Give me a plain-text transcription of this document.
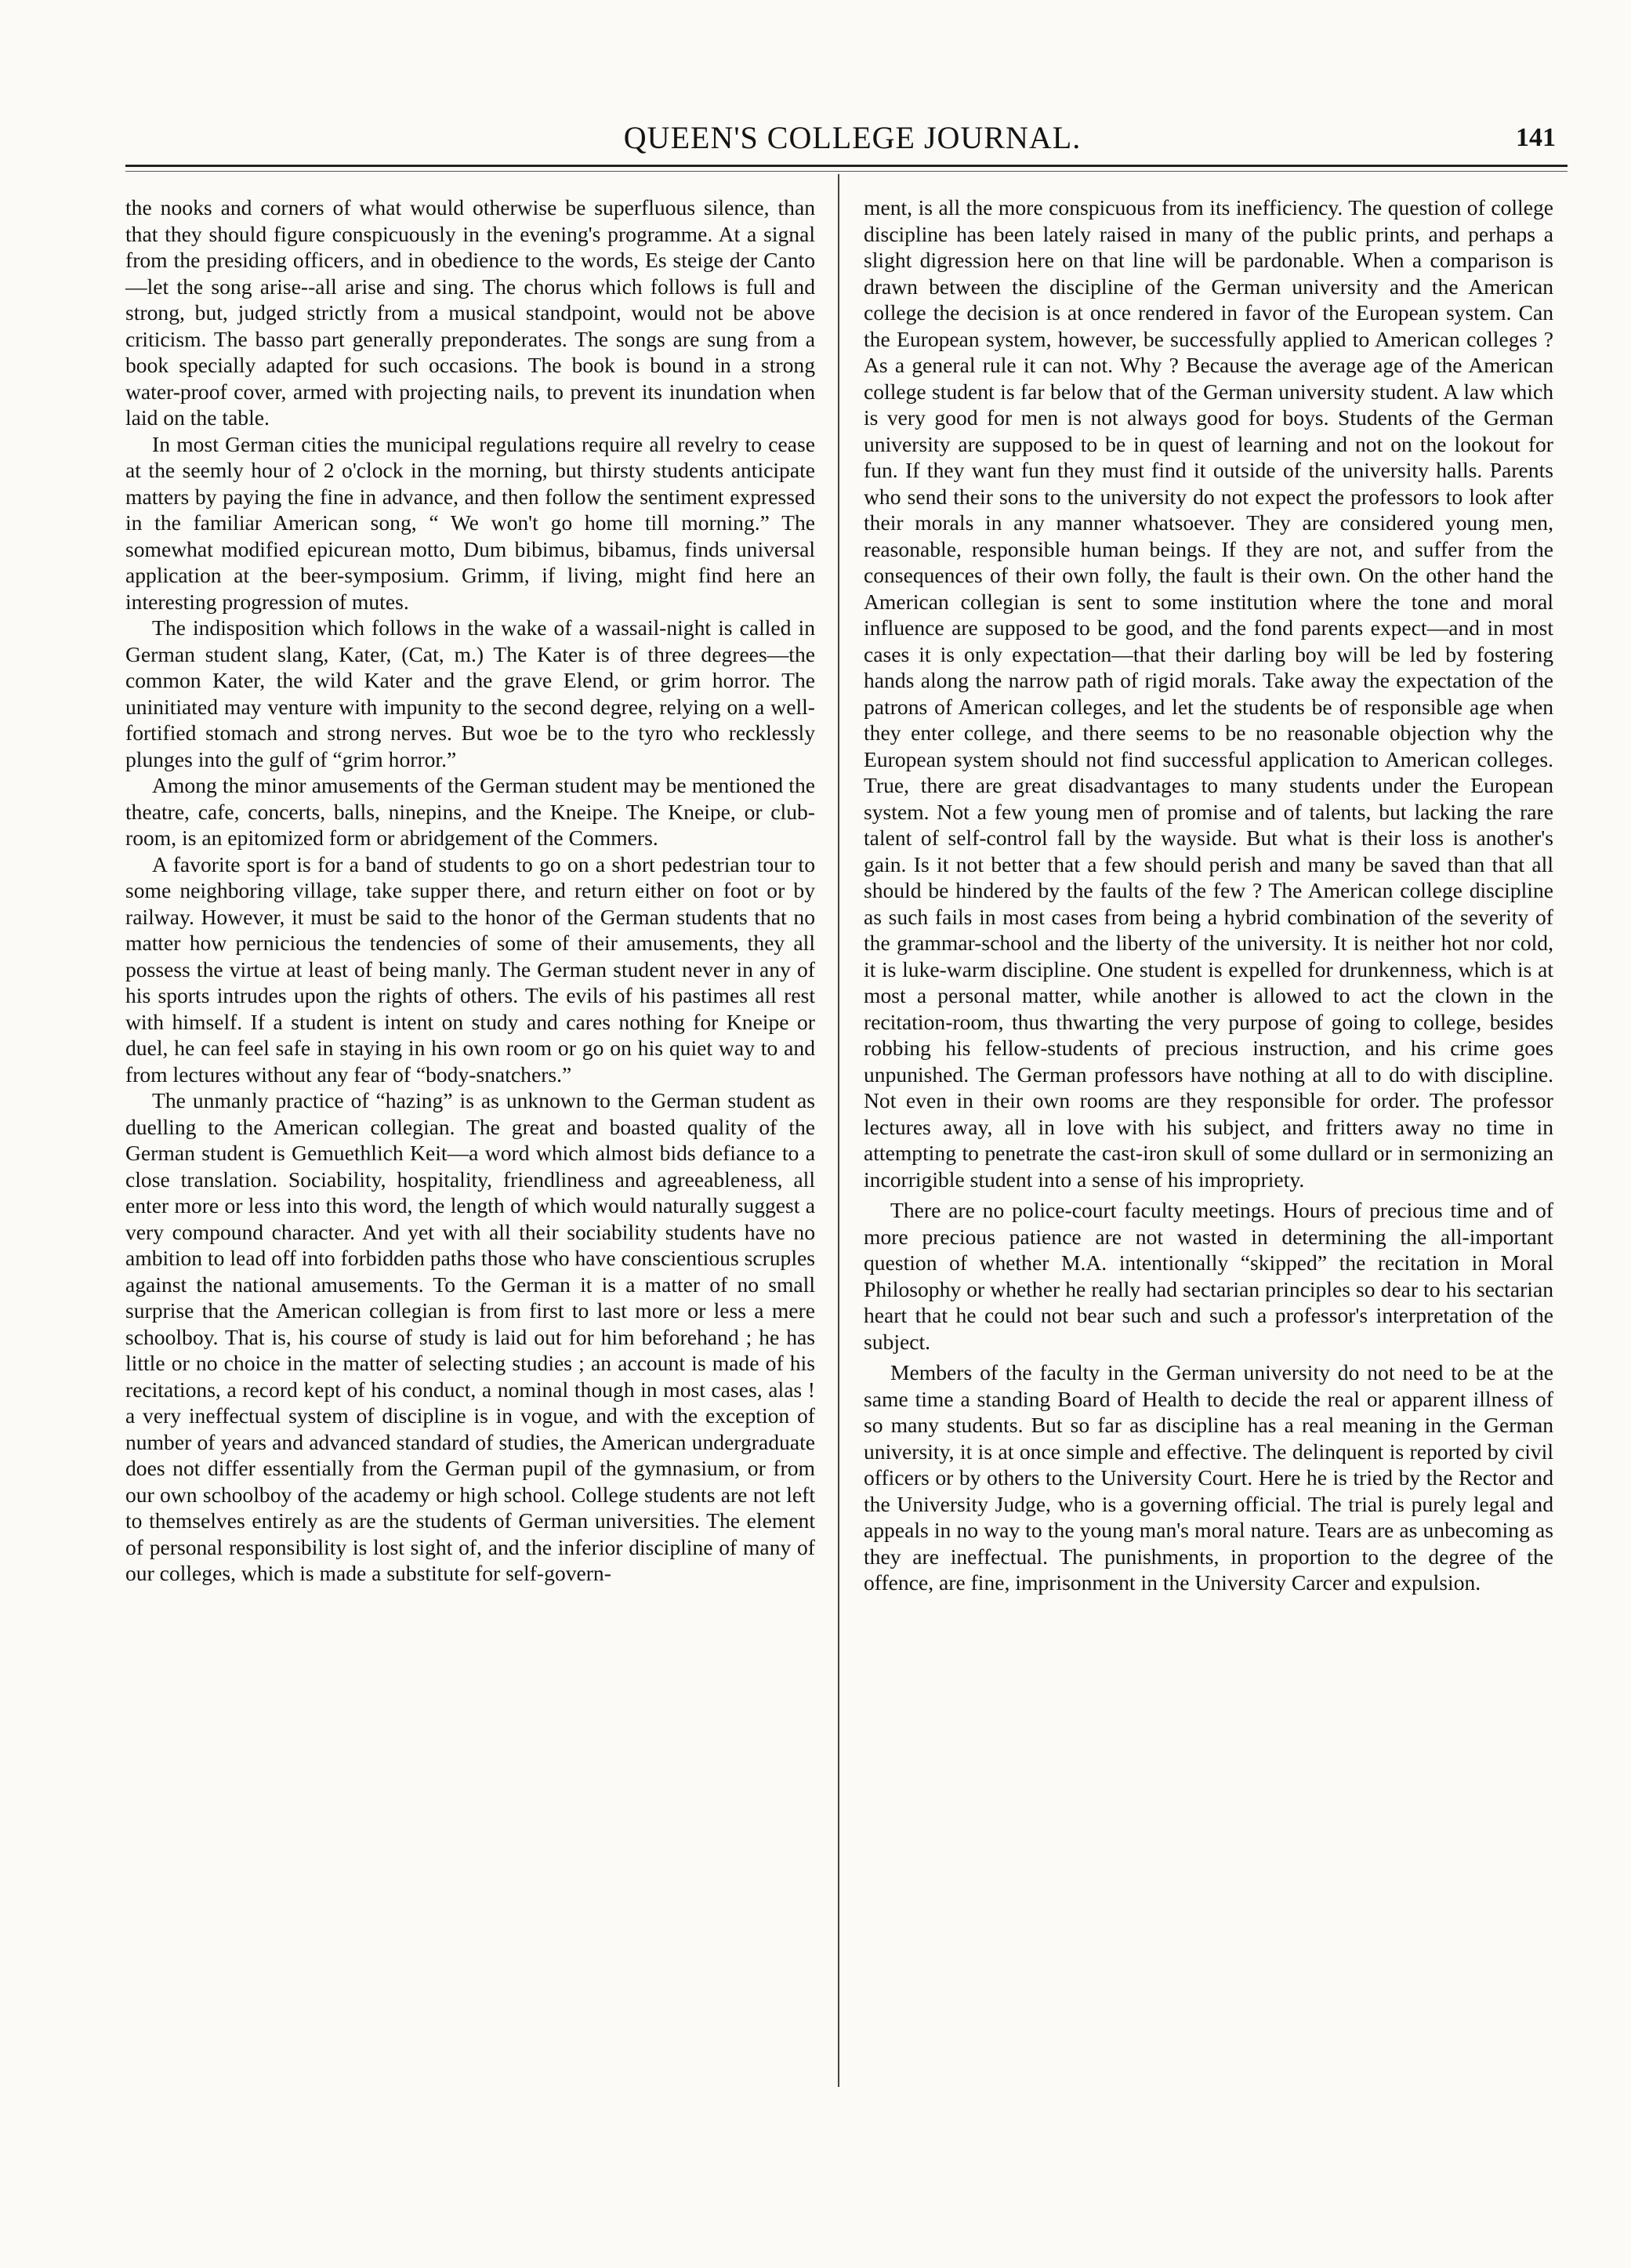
QUEEN'S COLLEGE JOURNAL.	141

the nooks and corners of what would otherwise be superfluous silence, than that they should figure conspicuously in the evening's programme. At a signal from the presiding officers, and in obedience to the words, Es steige der Canto—let the song arise--all arise and sing. The chorus which follows is full and strong, but, judged strictly from a musical standpoint, would not be above criticism. The basso part generally preponderates. The songs are sung from a book specially adapted for such occasions. The book is bound in a strong water-proof cover, armed with projecting nails, to prevent its inundation when laid on the table.

In most German cities the municipal regulations require all revelry to cease at the seemly hour of 2 o'clock in the morning, but thirsty students anticipate matters by paying the fine in advance, and then follow the sentiment expressed in the familiar American song, “ We won't go home till morning.” The somewhat modified epicurean motto, Dum bibimus, bibamus, finds universal application at the beer-symposium. Grimm, if living, might find here an interesting progression of mutes.

The indisposition which follows in the wake of a wassail-night is called in German student slang, Kater, (Cat, m.) The Kater is of three degrees—the common Kater, the wild Kater and the grave Elend, or grim horror. The uninitiated may venture with impunity to the second degree, relying on a well-fortified stomach and strong nerves. But woe be to the tyro who recklessly plunges into the gulf of “grim horror.”

Among the minor amusements of the German student may be mentioned the theatre, cafe, concerts, balls, ninepins, and the Kneipe. The Kneipe, or club-room, is an epitomized form or abridgement of the Commers.

A favorite sport is for a band of students to go on a short pedestrian tour to some neighboring village, take supper there, and return either on foot or by railway. However, it must be said to the honor of the German students that no matter how pernicious the tendencies of some of their amusements, they all possess the virtue at least of being manly. The German student never in any of his sports intrudes upon the rights of others. The evils of his pastimes all rest with himself. If a student is intent on study and cares nothing for Kneipe or duel, he can feel safe in staying in his own room or go on his quiet way to and from lectures without any fear of “body-snatchers.”

The unmanly practice of “hazing” is as unknown to the German student as duelling to the American collegian. The great and boasted quality of the German student is Gemuethlich Keit—a word which almost bids defiance to a close translation. Sociability, hospitality, friendliness and agreeableness, all enter more or less into this word, the length of which would naturally suggest a very compound character. And yet with all their sociability students have no ambition to lead off into forbidden paths those who have conscientious scruples against the national amusements. To the German it is a matter of no small surprise that the American collegian is from first to last more or less a mere schoolboy. That is, his course of study is laid out for him beforehand ; he has little or no choice in the matter of selecting studies ; an account is made of his recitations, a record kept of his conduct, a nominal though in most cases, alas ! a very ineffectual system of discipline is in vogue, and with the exception of number of years and advanced standard of studies, the American undergraduate does not differ essentially from the German pupil of the gymnasium, or from our own schoolboy of the academy or high school. College students are not left to themselves entirely as are the students of German universities. The element of personal responsibility is lost sight of, and the inferior discipline of many of our colleges, which is made a substitute for self-govern-

ment, is all the more conspicuous from its inefficiency. The question of college discipline has been lately raised in many of the public prints, and perhaps a slight digression here on that line will be pardonable. When a comparison is drawn between the discipline of the German university and the American college the decision is at once rendered in favor of the European system. Can the European system, however, be successfully applied to American colleges ? As a general rule it can not. Why ? Because the average age of the American college student is far below that of the German university student. A law which is very good for men is not always good for boys. Students of the German university are supposed to be in quest of learning and not on the lookout for fun. If they want fun they must find it outside of the university halls. Parents who send their sons to the university do not expect the professors to look after their morals in any manner whatsoever. They are considered young men, reasonable, responsible human beings. If they are not, and suffer from the consequences of their own folly, the fault is their own. On the other hand the American collegian is sent to some institution where the tone and moral influence are supposed to be good, and the fond parents expect—and in most cases it is only expectation—that their darling boy will be led by fostering hands along the narrow path of rigid morals. Take away the expectation of the patrons of American colleges, and let the students be of responsible age when they enter college, and there seems to be no reasonable objection why the European system should not find successful application to American colleges. True, there are great disadvantages to many students under the European system. Not a few young men of promise and of talents, but lacking the rare talent of self-control fall by the wayside. But what is their loss is another's gain. Is it not better that a few should perish and many be saved than that all should be hindered by the faults of the few ? The American college discipline as such fails in most cases from being a hybrid combination of the severity of the grammar-school and the liberty of the university. It is neither hot nor cold, it is luke-warm discipline. One student is expelled for drunkenness, which is at most a personal matter, while another is allowed to act the clown in the recitation-room, thus thwarting the very purpose of going to college, besides robbing his fellow-students of precious instruction, and his crime goes unpunished. The German professors have nothing at all to do with discipline. Not even in their own rooms are they responsible for order. The professor lectures away, all in love with his subject, and fritters away no time in attempting to penetrate the cast-iron skull of some dullard or in sermonizing an incorrigible student into a sense of his impropriety.

There are no police-court faculty meetings. Hours of precious time and of more precious patience are not wasted in determining the all-important question of whether M.A. intentionally “skipped” the recitation in Moral Philosophy or whether he really had sectarian principles so dear to his sectarian heart that he could not bear such and such a professor's interpretation of the subject.

Members of the faculty in the German university do not need to be at the same time a standing Board of Health to decide the real or apparent illness of so many students. But so far as discipline has a real meaning in the German university, it is at once simple and effective. The delinquent is reported by civil officers or by others to the University Court. Here he is tried by the Rector and the University Judge, who is a governing official. The trial is purely legal and appeals in no way to the young man's moral nature. Tears are as unbecoming as they are ineffectual. The punishments, in proportion to the degree of the offence, are fine, imprisonment in the University Carcer and expulsion.
